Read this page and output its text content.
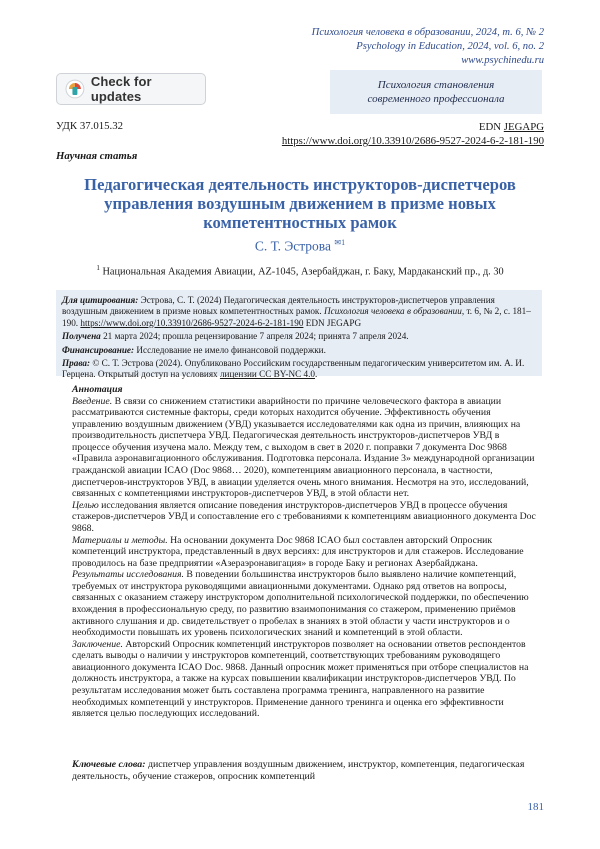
Психология человека в образовании, 2024, т. 6, № 2
Psychology in Education, 2024, vol. 6, no. 2
www.psychinedu.ru
Check for updates
Психология становления
современного профессионала
УДК 37.015.32	EDN JEGAPG
https://www.doi.org/10.33910/2686-9527-2024-6-2-181-190
Научная статья
Педагогическая деятельность инструкторов-диспетчеров управления воздушным движением в призме новых компетентностных рамок
С. Т. Эстрова $^{✉1}$
$^1$ Национальная Академия Авиации, AZ-1045, Азербайджан, г. Баку, Мардаканский пр., д. 30

Для цитирования: Эстрова, С. Т. (2024) Педагогическая деятельность инструкторов-диспетчеров управления воздушным движением в призме новых компетентностных рамок. Психология человека в образовании, т. 6, № 2, с. 181–190. https://www.doi.org/10.33910/2686-9527-2024-6-2-181-190 EDN JEGAPG

Получена 21 марта 2024; прошла рецензирование 7 апреля 2024; принята 7 апреля 2024.

Финансирование: Исследование не имело финансовой поддержки.

Права: © С. Т. Эстрова (2024). Опубликовано Российским государственным педагогическим университетом им. А. И. Герцена. Открытый доступ на условиях лицензии CC BY-NC 4.0.

Аннотация

Введение. В связи со снижением статистики аварийности по причине человеческого фактора в авиации рассматриваются системные факторы, среди которых находится обучение. Эффективность обучения управлению воздушным движением (УВД) указывается исследователями как одна из причин, влияющих на производительность диспетчера УВД. Педагогическая деятельность инструкторов-диспетчеров УВД в процессе обучения изучена мало. Между тем, с выходом в свет в 2020 г. поправки 7 документа Doc 9868 «Правила аэронавигационного обслуживания. Подготовка персонала. Издание 3» международной организации гражданской авиации ICAO (Doc 9868… 2020), компетенциям авиационного персонала, в частности, диспетчеров-инструкторов УВД, в авиации уделяется очень много внимания. Несмотря на это, исследований, связанных с компетенциями инструкторов-диспетчеров УВД, в этой области нет.

Целью исследования является описание поведения инструкторов-диспетчеров УВД в процессе обучения стажеров-диспетчеров УВД и сопоставление его с требованиями к компетенциям авиационного документа Doc 9868.

Материалы и методы. На основании документа Doc 9868 ICAO был составлен авторский Опросник компетенций инструктора, представленный в двух версиях: для инструкторов и для стажеров. Исследование проводилось на базе предприятии «Азераэронавигация» в городе Баку и регионах Азербайджана.

Результаты исследования. В поведении большинства инструкторов было выявлено наличие компетенций, требуемых от инструктора руководящими авиационными документами. Однако ряд ответов на вопросы, связанных с оказанием стажеру инструктором дополнительной психологической поддержки, по обеспечению вхождения в профессиональную среду, по развитию взаимопонимания со стажером, применению приёмов активного слушания и др. свидетельствует о пробелах в знаниях в этой области у части инструкторов и о необходимости повышать их уровень психологических знаний и компетенций в этой области.

Заключение. Авторский Опросник компетенций инструкторов позволяет на основании ответов респондентов сделать выводы о наличии у инструкторов компетенций, соответствующих требованиям руководящего авиационного документа ICAO Doc. 9868. Данный опросник может применяться при отборе специалистов на должность инструктора, а также на курсах повышении квалификации инструкторов-диспетчеров УВД. По результатам исследования может быть составлена программа тренинга, направленного на развитие необходимых компетенций у инструкторов. Применение данного тренинга и оценка его эффективности является целью последующих исследований.

Ключевые слова: диспетчер управления воздушным движением, инструктор, компетенция, педагогическая деятельность, обучение стажеров, опросник компетенций
181
